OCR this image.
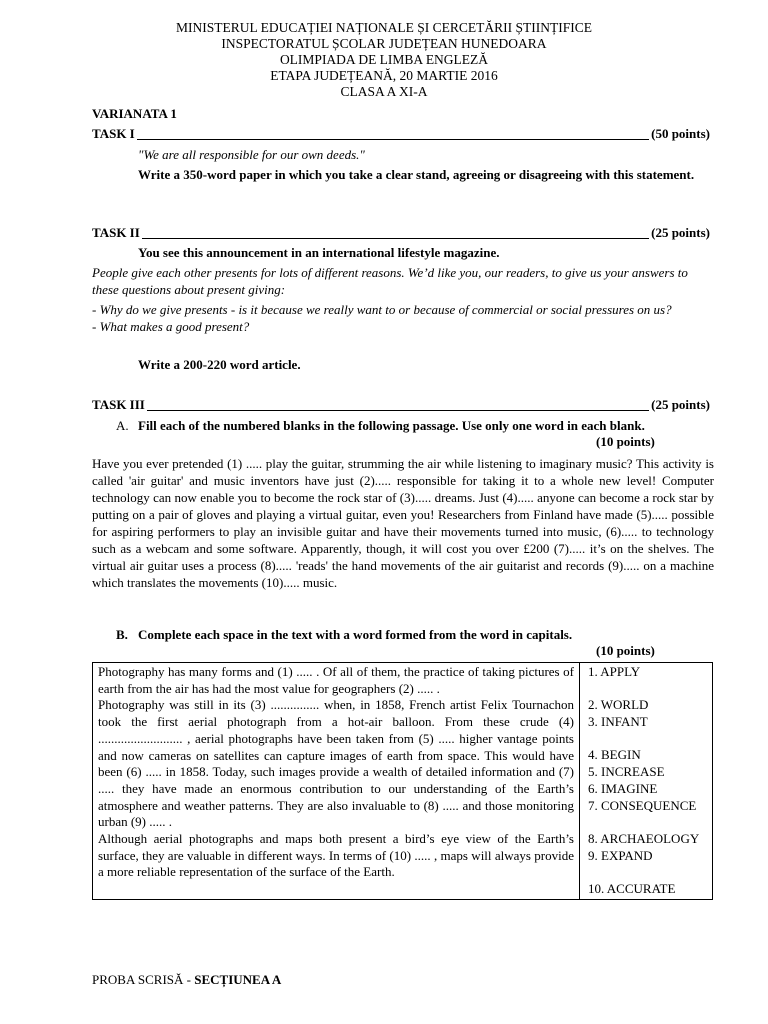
MINISTERUL EDUCAȚIEI NAȚIONALE ȘI CERCETĂRII ȘTIINȚIFICE
INSPECTORATUL ȘCOLAR JUDEȚEAN HUNEDOARA
OLIMPIADA DE LIMBA ENGLEZĂ
ETAPA JUDEȚEANĂ, 20 MARTIE 2016
CLASA A XI-A
VARIANATA 1
TASK I	(50 points)
"We are all responsible for our own deeds."
Write a 350-word paper in which you take a clear stand, agreeing or disagreeing with this statement.
TASK II	(25 points)
You see this announcement in an international lifestyle magazine.
People give each other presents for lots of different reasons. We’d like you, our readers, to give us your answers to these questions about present giving:
- Why do we give presents - is it because we really want to or because of commercial or social pressures on us?
- What makes a good present?
Write a 200-220 word article.
TASK III	(25 points)
A. Fill each of the numbered blanks in the following passage. Use only one word in each blank.
(10 points)
Have you ever pretended (1) ..... play the guitar, strumming the air while listening to imaginary music? This activity is called 'air guitar' and music inventors have just (2)..... responsible for taking it to a whole new level! Computer technology can now enable you to become the rock star of (3)..... dreams. Just (4)..... anyone can become a rock star by putting on a pair of gloves and playing a virtual guitar, even you! Researchers from Finland have made (5)..... possible for aspiring performers to play an invisible guitar and have their movements turned into music, (6)..... to technology such as a webcam and some software. Apparently, though, it will cost you over £200 (7)..... it’s on the shelves. The virtual air guitar uses a process (8)..... 'reads' the hand movements of the air guitarist and records (9)..... on a machine which translates the movements (10)..... music.
B. Complete each space in the text with a word formed from the word in capitals.
(10 points)

Photography has many forms and (1) ..... . Of all of them, the practice of taking pictures of earth from the air has had the most value for geographers (2) ..... .

Photography was still in its (3) ............... when, in 1858, French artist Felix Tournachon took the first aerial photograph from a hot-air balloon. From these crude (4) .......................... , aerial photographs have been taken from (5) ..... higher vantage points and now cameras on satellites can capture images of earth from space. This would have been (6) ..... in 1858. Today, such images provide a wealth of detailed information and (7) ..... they have made an enormous contribution to our understanding of the Earth’s atmosphere and weather patterns. They are also invaluable to (8) ..... and those monitoring urban (9) ..... .

Although aerial photographs and maps both present a bird’s eye view of the Earth’s surface, they are valuable in different ways. In terms of (10) ..... , maps will always provide a more reliable representation of the surface of the Earth.

1. APPLY
2. WORLD
3. INFANT
4. BEGIN
5. INCREASE
6. IMAGINE
7. CONSEQUENCE
8. ARCHAEOLOGY
9. EXPAND
10. ACCURATE
PROBA SCRISĂ - SECȚIUNEA A
